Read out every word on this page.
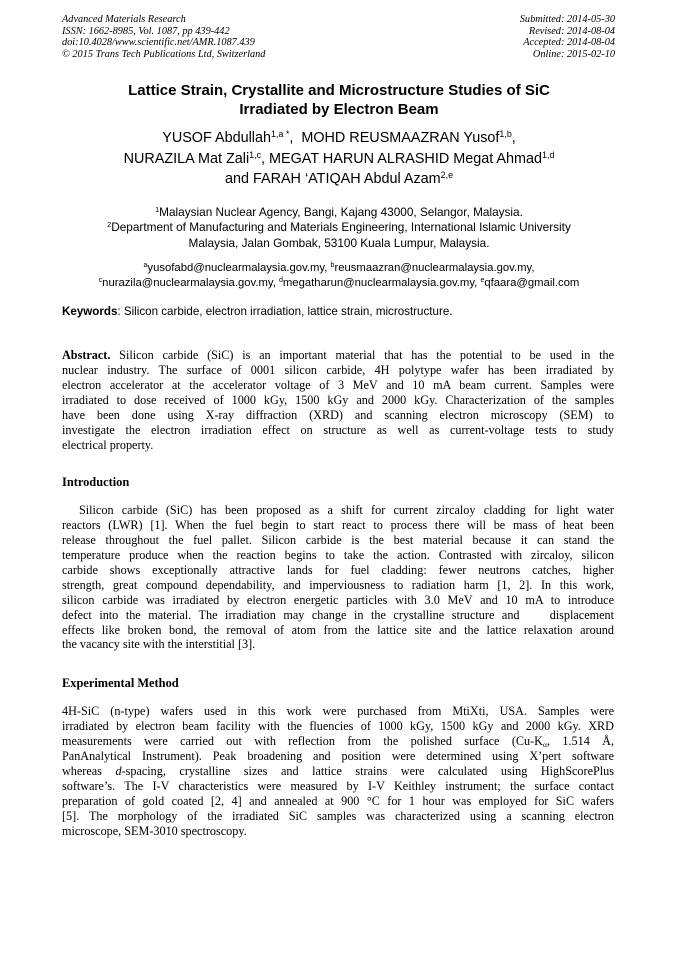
Advanced Materials Research
ISSN: 1662-8985, Vol. 1087, pp 439-442
doi:10.4028/www.scientific.net/AMR.1087.439
© 2015 Trans Tech Publications Ltd, Switzerland
Submitted: 2014-05-30
Revised: 2014-08-04
Accepted: 2014-08-04
Online: 2015-02-10
Lattice Strain, Crystallite and Microstructure Studies of SiC
Irradiated by Electron Beam
YUSOF Abdullah$^{1,a *}$,  MOHD REUSMAAZRAN Yusof$^{1,b}$,
NURAZILA Mat Zali$^{1,c}$, MEGAT HARUN ALRASHID Megat Ahmad$^{1,d}$
and FARAH ‘ATIQAH Abdul Azam$^{2,e}$
$^1$Malaysian Nuclear Agency, Bangi, Kajang 43000, Selangor, Malaysia.
$^2$Department of Manufacturing and Materials Engineering, International Islamic University
Malaysia, Jalan Gombak, 53100 Kuala Lumpur, Malaysia.
$^a$yusofabd@nuclearmalaysia.gov.my, $^b$reusmaazran@nuclearmalaysia.gov.my,
$^c$nurazila@nuclearmalaysia.gov.my, $^d$megatharun@nuclearmalaysia.gov.my, $^e$qfaara@gmail.com
Keywords: Silicon carbide, electron irradiation, lattice strain, microstructure.
Abstract. Silicon carbide (SiC) is an important material that has the potential to be used in the
nuclear industry. The surface of 0001 silicon carbide, 4H polytype wafer has been irradiated by
electron accelerator at the accelerator voltage of 3 MeV and 10 mA beam current. Samples were
irradiated to dose received of 1000 kGy, 1500 kGy and 2000 kGy. Characterization of the samples
have been done using X-ray diffraction (XRD) and scanning electron microscopy (SEM) to
investigate the electron irradiation effect on structure as well as current-voltage tests to study
electrical property.
Introduction
Silicon carbide (SiC) has been proposed as a shift for current zircaloy cladding for light water
reactors (LWR) [1]. When the fuel begin to start react to process there will be mass of heat been
release throughout the fuel pallet. Silicon carbide is the best material because it can stand the
temperature produce when the reaction begins to take the action. Contrasted with zircaloy, silicon
carbide shows exceptionally attractive lands for fuel cladding: fewer neutrons catches, higher
strength, great compound dependability, and imperviousness to radiation harm [1, 2]. In this work,
silicon carbide was irradiated by electron energetic particles with 3.0 MeV and 10 mA to introduce
defect into the material. The irradiation may change in the crystalline structure and    displacement
effects like broken bond, the removal of atom from the lattice site and the lattice relaxation around
the vacancy site with the interstitial [3].
Experimental Method
4H-SiC (n-type) wafers used in this work were purchased from MtiXti, USA. Samples were
irradiated by electron beam facility with the fluencies of 1000 kGy, 1500 kGy and 2000 kGy. XRD
measurements were carried out with reflection from the polished surface ($Cu-K_\alpha$, 1.514 Å,
PanAnalytical Instrument). Peak broadening and position were determined using X’pert software
whereas d-spacing, crystalline sizes and lattice strains were calculated using HighScorePlus
software’s. The I-V characteristics were measured by I-V Keithley instrument; the surface contact
preparation of gold coated [2, 4] and annealed at 900 °C for 1 hour was employed for SiC wafers
[5]. The morphology of the irradiated SiC samples was characterized using a scanning electron
microscope, SEM-3010 spectroscopy.
